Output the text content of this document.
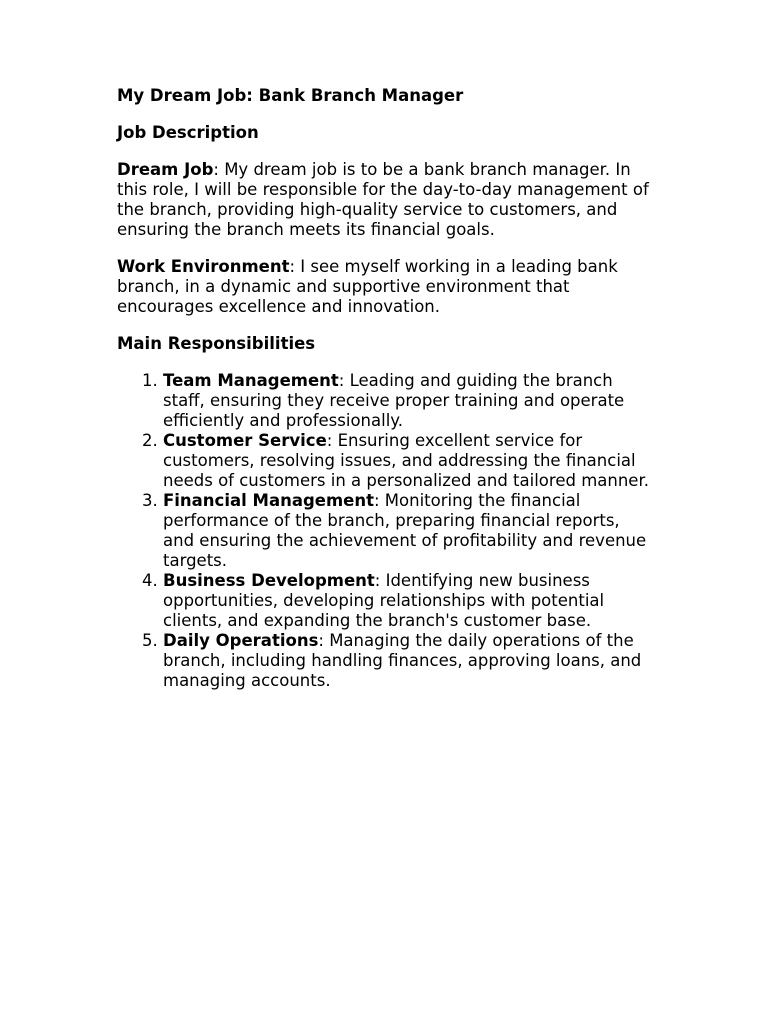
My Dream Job: Bank Branch Manager
Job Description

Dream Job: My dream job is to be a bank branch manager. In this role, I will be responsible for the day-to-day management of the branch, providing high-quality service to customers, and ensuring the branch meets its financial goals.

Work Environment: I see myself working in a leading bank branch, in a dynamic and supportive environment that encourages excellence and innovation.

Main Responsibilities
1. Team Management: Leading and guiding the branch staff, ensuring they receive proper training and operate efficiently and professionally.
2. Customer Service: Ensuring excellent service for customers, resolving issues, and addressing the financial needs of customers in a personalized and tailored manner.
3. Financial Management: Monitoring the financial performance of the branch, preparing financial reports, and ensuring the achievement of profitability and revenue targets.
4. Business Development: Identifying new business opportunities, developing relationships with potential clients, and expanding the branch's customer base.
5. Daily Operations: Managing the daily operations of the branch, including handling finances, approving loans, and managing accounts.
